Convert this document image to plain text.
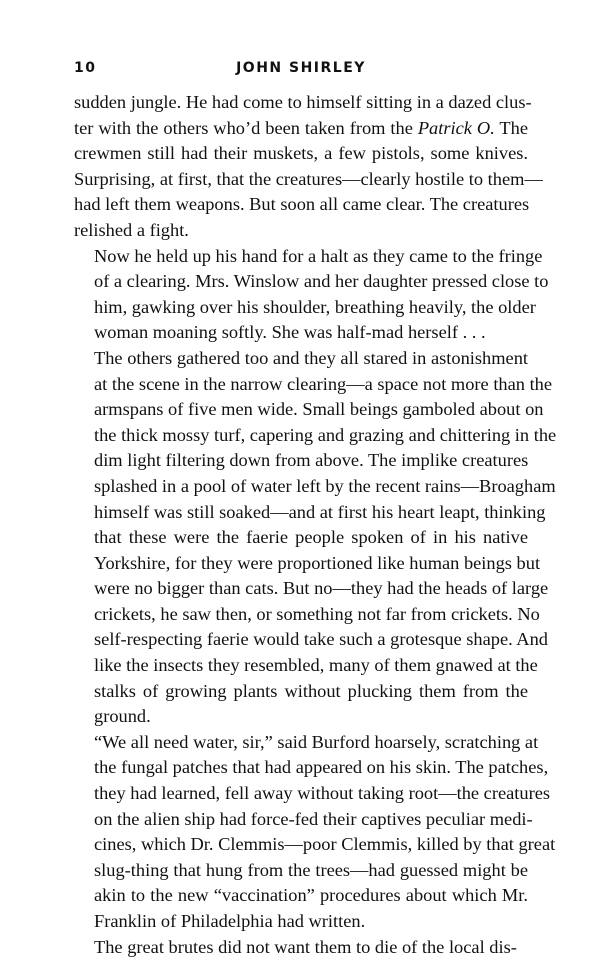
10	JOHN SHIRLEY
sudden jungle. He had come to himself sitting in a dazed clus-
ter with the others who’d been taken from the Patrick O. The
crewmen still had their muskets, a few pistols, some knives.
Surprising, at first, that the creatures—clearly hostile to them—
had left them weapons. But soon all came clear. The creatures
relished a fight.
Now he held up his hand for a halt as they came to the fringe
of a clearing. Mrs. Winslow and her daughter pressed close to
him, gawking over his shoulder, breathing heavily, the older
woman moaning softly. She was half-mad herself . . .
The others gathered too and they all stared in astonishment
at the scene in the narrow clearing—a space not more than the
armspans of five men wide. Small beings gamboled about on
the thick mossy turf, capering and grazing and chittering in the
dim light filtering down from above. The implike creatures
splashed in a pool of water left by the recent rains—Broagham
himself was still soaked—and at first his heart leapt, thinking
that these were the faerie people spoken of in his native
Yorkshire, for they were proportioned like human beings but
were no bigger than cats. But no—they had the heads of large
crickets, he saw then, or something not far from crickets. No
self-respecting faerie would take such a grotesque shape. And
like the insects they resembled, many of them gnawed at the
stalks of growing plants without plucking them from the
ground.
“We all need water, sir,” said Burford hoarsely, scratching at
the fungal patches that had appeared on his skin. The patches,
they had learned, fell away without taking root—the creatures
on the alien ship had force-fed their captives peculiar medi-
cines, which Dr. Clemmis—poor Clemmis, killed by that great
slug-thing that hung from the trees—had guessed might be
akin to the new “vaccination” procedures about which Mr.
Franklin of Philadelphia had written.
The great brutes did not want them to die of the local dis-
